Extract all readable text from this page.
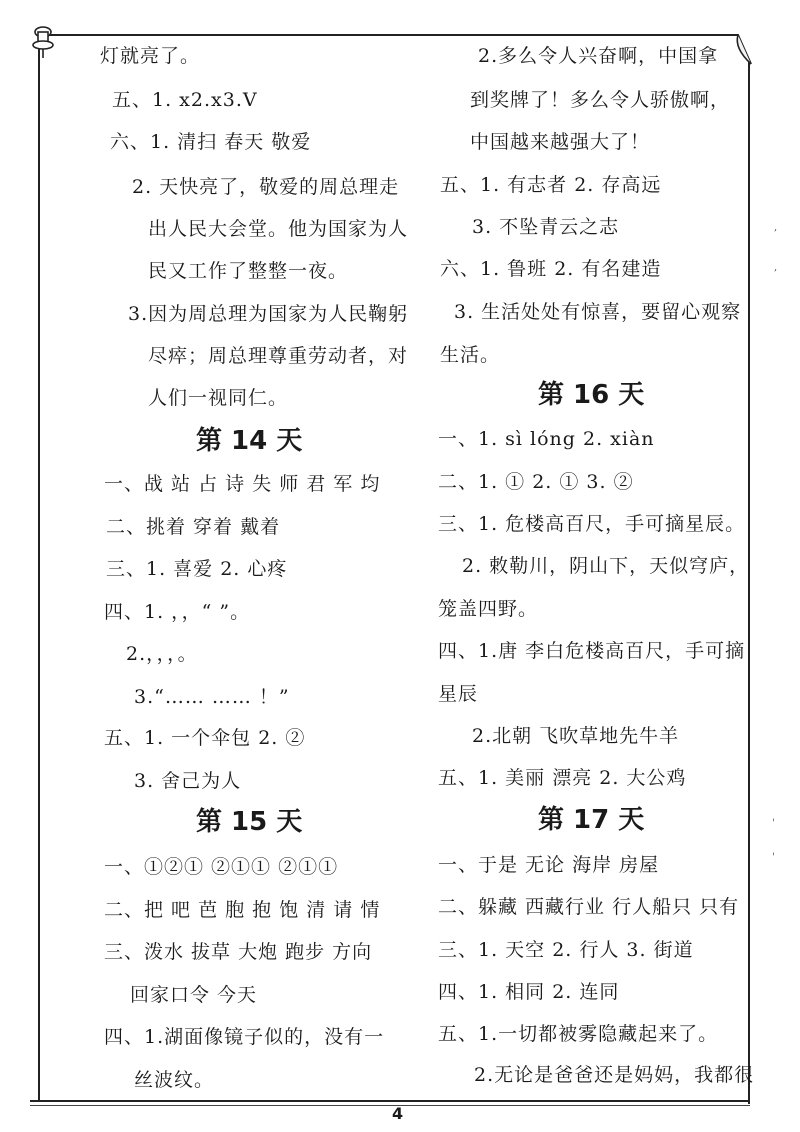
灯就亮了。
五、1. x2.x3.V
六、1. 清扫 春天 敬爱
2. 天快亮了，敬爱的周总理走
出人民大会堂。他为国家为人
民又工作了整整一夜。
3.因为周总理为国家为人民鞠躬
尽瘁；周总理尊重劳动者，对
人们一视同仁。
第 14 天
一、战 站 占 诗 失 师 君 军 均
二、挑着 穿着 戴着
三、1. 喜爱 2. 心疼
四、1. ，，“ ”。
2.，，，。
3.“…… …… ！”
五、1. 一个伞包 2. ②
3. 舍己为人
第 15 天
一、①②① ②①① ②①①
二、把 吧 芭 胞 抱 饱 清 请 情
三、泼水 拔草 大炮 跑步 方向
回家口令 今天
四、1.湖面像镜子似的，没有一
丝波纹。
2.多么令人兴奋啊，中国拿
到奖牌了！多么令人骄傲啊，
中国越来越强大了！
五、1. 有志者 2. 存高远
3. 不坠青云之志
六、1. 鲁班 2. 有名建造
3. 生活处处有惊喜，要留心观察
生活。
第 16 天
一、1. sì lóng 2. xiàn
二、1. ① 2. ① 3. ②
三、1. 危楼高百尺，手可摘星辰。
2. 敕勒川，阴山下，天似穹庐，
笼盖四野。
四、1.唐 李白危楼高百尺，手可摘
星辰
2.北朝 飞吹草地先牛羊
五、1. 美丽 漂亮 2. 大公鸡
第 17 天
一、于是 无论 海岸 房屋
二、躲藏 西藏行业 行人船只 只有
三、1. 天空 2. 行人 3. 街道
四、1. 相同 2. 连同
五、1.一切都被雾隐藏起来了。
2.无论是爸爸还是妈妈，我都很
,
,
'
'
4
